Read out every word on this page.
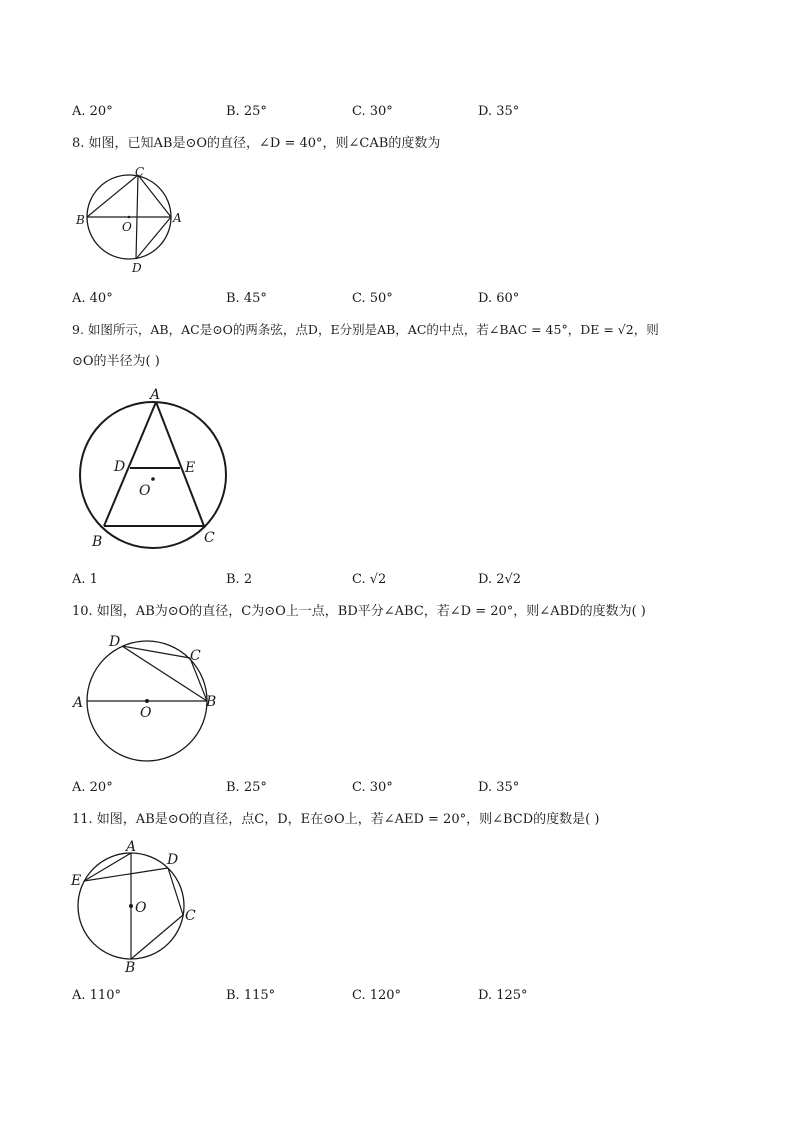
A. 20°	B. 25°	C. 30°	D. 35°
8. 如图，已知AB是⊙O的直径，∠D = 40°，则∠CAB的度数为
C
B	A
O
D
A. 40°	B. 45°	C. 50°	D. 60°
9. 如图所示，AB，AC是⊙O的两条弦，点D，E分别是AB，AC的中点，若∠BAC = 45°，DE = √2，则
⊙O的半径为( )
A
D	E
O
B	C
A. 1	B. 2	C. √2	D. 2√2
10. 如图，AB为⊙O的直径，C为⊙O上一点，BD平分∠ABC，若∠D = 20°，则∠ABD的度数为( )
D
C
A	B
O
A. 20°	B. 25°	C. 30°	D. 35°
11. 如图，AB是⊙O的直径，点C，D，E在⊙O上，若∠AED = 20°，则∠BCD的度数是( )
A
D
E
O	C
B
A. 110°	B. 115°	C. 120°	D. 125°
